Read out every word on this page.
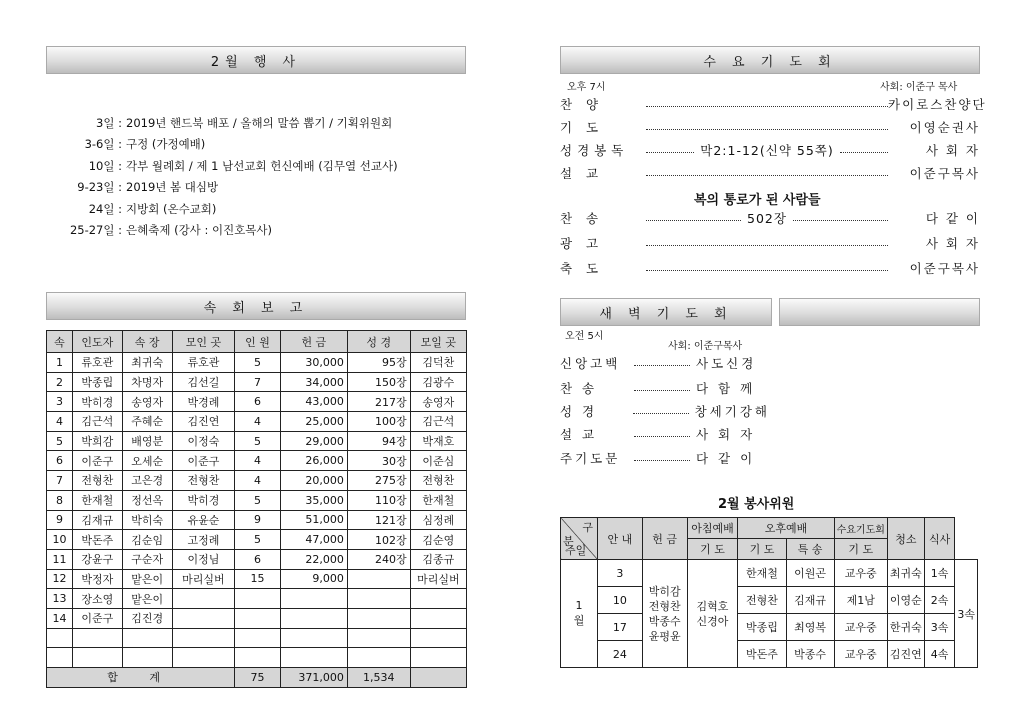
2월 행 사
3일 : 2019년 핸드북 배포 / 올해의 말씀 뽑기 / 기획위원회
3-6일 : 구정 (가정예배)
10일 : 각부 월례회 / 제 1 남선교회 헌신예배 (김무열 선교사)
9-23일 : 2019년 봄 대심방
24일 : 지방회 (온수교회)
25-27일 : 은혜축제 (강사 : 이진호목사)
속 회 보 고
속	인도자	속 장	모인 곳	인 원	헌 금	성 경	모일 곳
1	류호관	최귀숙	류호관	5	30,000	95장	김덕찬
2	박종립	차명자	김선길	7	34,000	150장	김광수
3	박히경	송영자	박경례	6	43,000	217장	송영자
4	김근석	주혜순	김진연	4	25,000	100장	김근석
5	박희감	배영분	이정숙	5	29,000	94장	박재호
6	이준구	오세순	이준구	4	26,000	30장	이준심
7	전형찬	고은경	전형찬	4	20,000	275장	전형찬
8	한재철	정선옥	박히경	5	35,000	110장	한재철
9	김재규	박히숙	유윤순	9	51,000	121장	심정례
10	박돈주	김순임	고정례	5	47,000	102장	김순영
11	강윤구	구순자	이정님	6	22,000	240장	김종규
12	박정자	맡은이	마리실버	15	9,000		마리실버
13	장소영	맡은이					
14	이준구	김진경					

합 계				75	371,000	1,534	
수 요 기 도 회
오후 7시	사회: 이준구 목사
찬 양	카이로스찬양단
기 도	이영순권사
성경봉독	막2:1-12(신약 55쪽)	사 회 자
설 교	이준구목사
복의 통로가 된 사람들
찬 송	502장	다 같 이
광 고	사 회 자
축 도	이준구목사
새 벽 기 도 회
오전 5시
사회: 이준구목사
신앙고백	사도신경
찬 송	다 함 께
성 경	창세기강해
설 교	사 회 자
주기도문	다 같 이
2월 봉사위원
구
분
주일	안 내	헌 금	아침예배	오후예배		수요기도회	청소	식사	
			기 도	기 도	특 송	기 도			
1월	3	박히감 전형찬 박종수 윤평윤	김혁호 신경아	한재철	이원곤	교우중	최귀숙	1속	3속
	10			전형찬	김재규	제1남	이영순	2속	
	17			박종립	최영복	교우중	한귀숙	3속	
	24			박돈주	박종수	교우중	김진연	4속	
